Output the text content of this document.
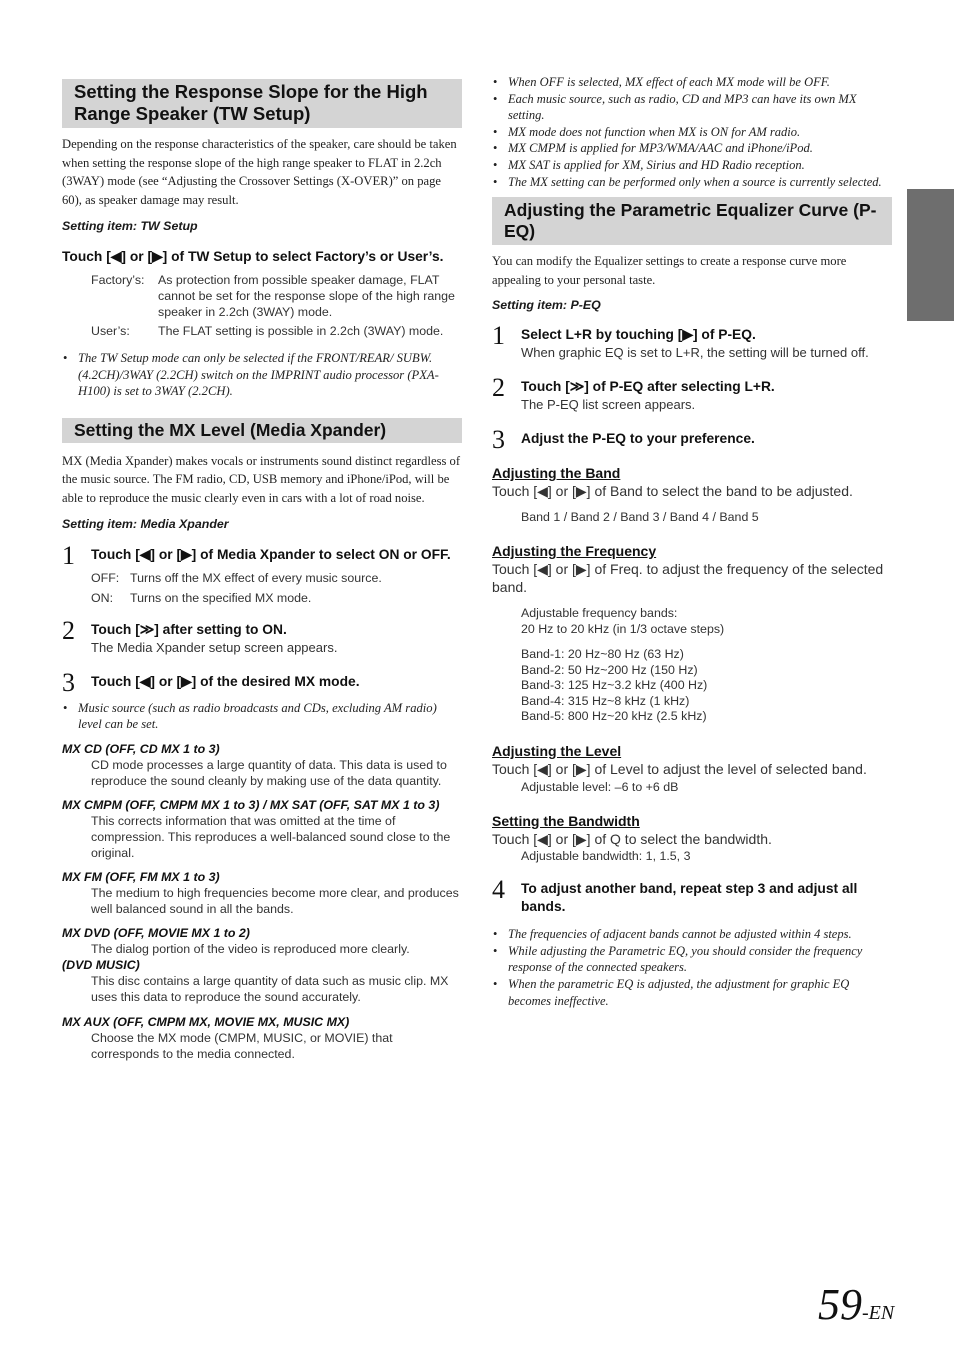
Setting the Response Slope for the High Range Speaker (TW Setup)

Depending on the response characteristics of the speaker, care should be taken when setting the response slope of the high range speaker to FLAT in 2.2ch (3WAY) mode (see “Adjusting the Crossover Settings (X-OVER)” on page 60), as speaker damage may result.

Setting item: TW Setup

Touch [◀] or [▶] of TW Setup to select Factory’s or User’s.

Factory’s:	As protection from possible speaker damage, FLAT cannot be set for the response slope of the high range speaker in 2.2ch (3WAY) mode.
User’s:	The FLAT setting is possible in 2.2ch (3WAY) mode.
• The TW Setup mode can only be selected if the FRONT/REAR/ SUBW. (4.2CH)/3WAY (2.2CH) switch on the IMPRINT audio processor (PXA-H100) is set to 3WAY (2.2CH).
Setting the MX Level (Media Xpander)

MX (Media Xpander) makes vocals or instruments sound distinct regardless of the music source. The FM radio, CD, USB memory and iPhone/iPod, will be able to reproduce the music clearly even in cars with a lot of road noise.

Setting item: Media Xpander

1 Touch [◀] or [▶] of Media Xpander to select ON or OFF.

OFF: Turns off the MX effect of every music source.
ON:	Turns on the specified MX mode.
2 Touch [≫] after setting to ON.

The Media Xpander setup screen appears.

3 Touch [◀] or [▶] of the desired MX mode.

• Music source (such as radio broadcasts and CDs, excluding AM radio) level can be set.

MX CD (OFF, CD MX 1 to 3)

CD mode processes a large quantity of data. This data is used to reproduce the sound cleanly by making use of the data quantity.

MX CMPM (OFF, CMPM MX 1 to 3) / MX SAT (OFF, SAT MX 1 to 3)

This corrects information that was omitted at the time of compression. This reproduces a well-balanced sound close to the original.

MX FM (OFF, FM MX 1 to 3)

The medium to high frequencies become more clear, and produces well balanced sound in all the bands.

MX DVD (OFF, MOVIE MX 1 to 2)

The dialog portion of the video is reproduced more clearly.

(DVD MUSIC)

This disc contains a large quantity of data such as music clip. MX uses this data to reproduce the sound accurately.

MX AUX (OFF, CMPM MX, MOVIE MX, MUSIC MX)

Choose the MX mode (CMPM, MUSIC, or MOVIE) that corresponds to the media connected.

• When OFF is selected, MX effect of each MX mode will be OFF.
• Each music source, such as radio, CD and MP3 can have its own MX setting.
• MX mode does not function when MX is ON for AM radio.
• MX CMPM is applied for MP3/WMA/AAC and iPhone/iPod.
• MX SAT is applied for XM, Sirius and HD Radio reception.
• The MX setting can be performed only when a source is currently selected.
Adjusting the Parametric Equalizer Curve (P-EQ)

You can modify the Equalizer settings to create a response curve more appealing to your personal taste.

Setting item: P-EQ

1 Select L+R by touching [▶] of P-EQ.

When graphic EQ is set to L+R, the setting will be turned off.

2 Touch [≫] of P-EQ after selecting L+R.

The P-EQ list screen appears.

3 Adjust the P-EQ to your preference.

Adjusting the Band

Touch [◀] or [▶] of Band to select the band to be adjusted.

Band 1 / Band 2 / Band 3 / Band 4 / Band 5

Adjusting the Frequency

Touch [◀] or [▶] of Freq. to adjust the frequency of the selected band.

Adjustable frequency bands:

20 Hz to 20 kHz (in 1/3 octave steps)

Band-1: 20 Hz~80 Hz (63 Hz)

Band-2: 50 Hz~200 Hz (150 Hz)

Band-3: 125 Hz~3.2 kHz (400 Hz)

Band-4: 315 Hz~8 kHz (1 kHz)

Band-5: 800 Hz~20 kHz (2.5 kHz)

Adjusting the Level

Touch [◀] or [▶] of Level to adjust the level of selected band.

Adjustable level: –6 to +6 dB

Setting the Bandwidth

Touch [◀] or [▶] of Q to select the bandwidth.

Adjustable bandwidth: 1, 1.5, 3

4 To adjust another band, repeat step 3 and adjust all bands.

• The frequencies of adjacent bands cannot be adjusted within 4 steps.
• While adjusting the Parametric EQ, you should consider the frequency response of the connected speakers.
• When the parametric EQ is adjusted, the adjustment for graphic EQ becomes ineffective.
59-EN
